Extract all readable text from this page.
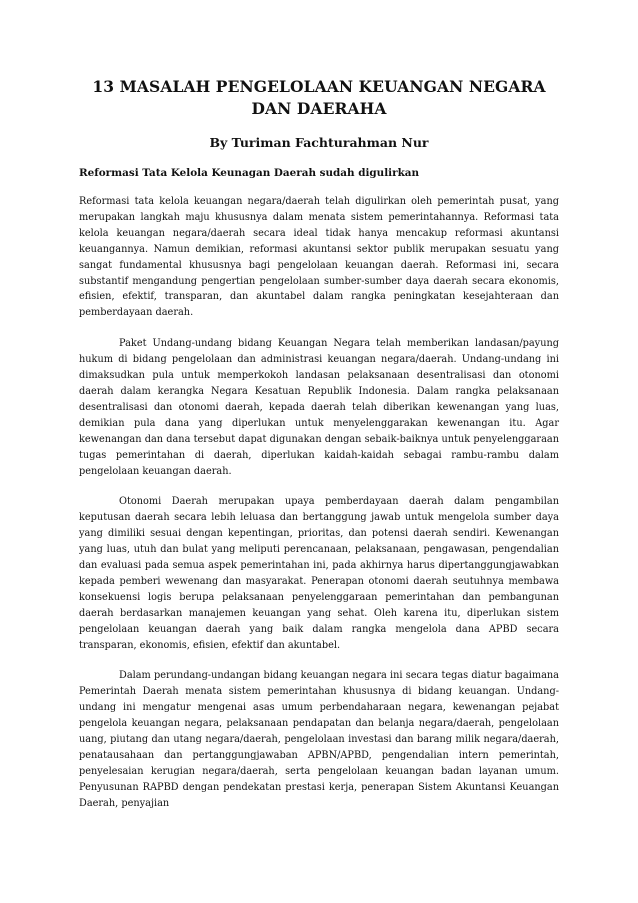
13 MASALAH PENGELOLAAN KEUANGAN NEGARA DAN DAERAHA
By Turiman Fachturahman Nur
Reformasi Tata Kelola Keunagan Daerah sudah digulirkan

Reformasi tata kelola keuangan negara/daerah telah digulirkan oleh pemerintah pusat, yang merupakan langkah maju khususnya dalam menata sistem pemerintahannya. Reformasi tata kelola keuangan negara/daerah secara ideal tidak hanya mencakup reformasi akuntansi keuangannya. Namun demikian, reformasi akuntansi sektor publik merupakan sesuatu yang sangat fundamental khususnya bagi pengelolaan keuangan daerah. Reformasi ini, secara substantif mengandung pengertian pengelolaan sumber-sumber daya daerah secara ekonomis, efisien, efektif, transparan, dan akuntabel dalam rangka peningkatan kesejahteraan dan pemberdayaan daerah.

Paket Undang-undang bidang Keuangan Negara telah memberikan landasan/payung hukum di bidang pengelolaan dan administrasi keuangan negara/daerah. Undang-undang ini dimaksudkan pula untuk memperkokoh landasan pelaksanaan desentralisasi dan otonomi daerah dalam kerangka Negara Kesatuan Republik Indonesia. Dalam rangka pelaksanaan desentralisasi dan otonomi daerah, kepada daerah telah diberikan kewenangan yang luas, demikian pula dana yang diperlukan untuk menyelenggarakan kewenangan itu. Agar kewenangan dan dana tersebut dapat digunakan dengan sebaik-baiknya untuk penyelenggaraan tugas pemerintahan di daerah, diperlukan kaidah-kaidah sebagai rambu-rambu dalam pengelolaan keuangan daerah.

Otonomi Daerah merupakan upaya pemberdayaan daerah dalam pengambilan keputusan daerah secara lebih leluasa dan bertanggung jawab untuk mengelola sumber daya yang dimiliki sesuai dengan kepentingan, prioritas, dan potensi daerah sendiri. Kewenangan yang luas, utuh dan bulat yang meliputi perencanaan, pelaksanaan, pengawasan, pengendalian dan evaluasi pada semua aspek pemerintahan ini, pada akhirnya harus dipertanggungjawabkan kepada pemberi wewenang dan masyarakat. Penerapan otonomi daerah seutuhnya membawa konsekuensi logis berupa pelaksanaan penyelenggaraan pemerintahan dan pembangunan daerah berdasarkan manajemen keuangan yang sehat. Oleh karena itu, diperlukan sistem pengelolaan keuangan daerah yang baik dalam rangka mengelola dana APBD secara transparan, ekonomis, efisien, efektif dan akuntabel.

Dalam perundang-undangan bidang keuangan negara ini secara tegas diatur bagaimana Pemerintah Daerah menata sistem pemerintahan khususnya di bidang keuangan. Undang-undang ini mengatur mengenai asas umum perbendaharaan negara, kewenangan pejabat pengelola keuangan negara, pelaksanaan pendapatan dan belanja negara/daerah, pengelolaan uang, piutang dan utang negara/daerah, pengelolaan investasi dan barang milik negara/daerah, penatausahaan dan pertanggungjawaban APBN/APBD, pengendalian intern pemerintah, penyelesaian kerugian negara/daerah, serta pengelolaan keuangan badan layanan umum. Penyusunan RAPBD dengan pendekatan prestasi kerja, penerapan Sistem Akuntansi Keuangan Daerah, penyajian
